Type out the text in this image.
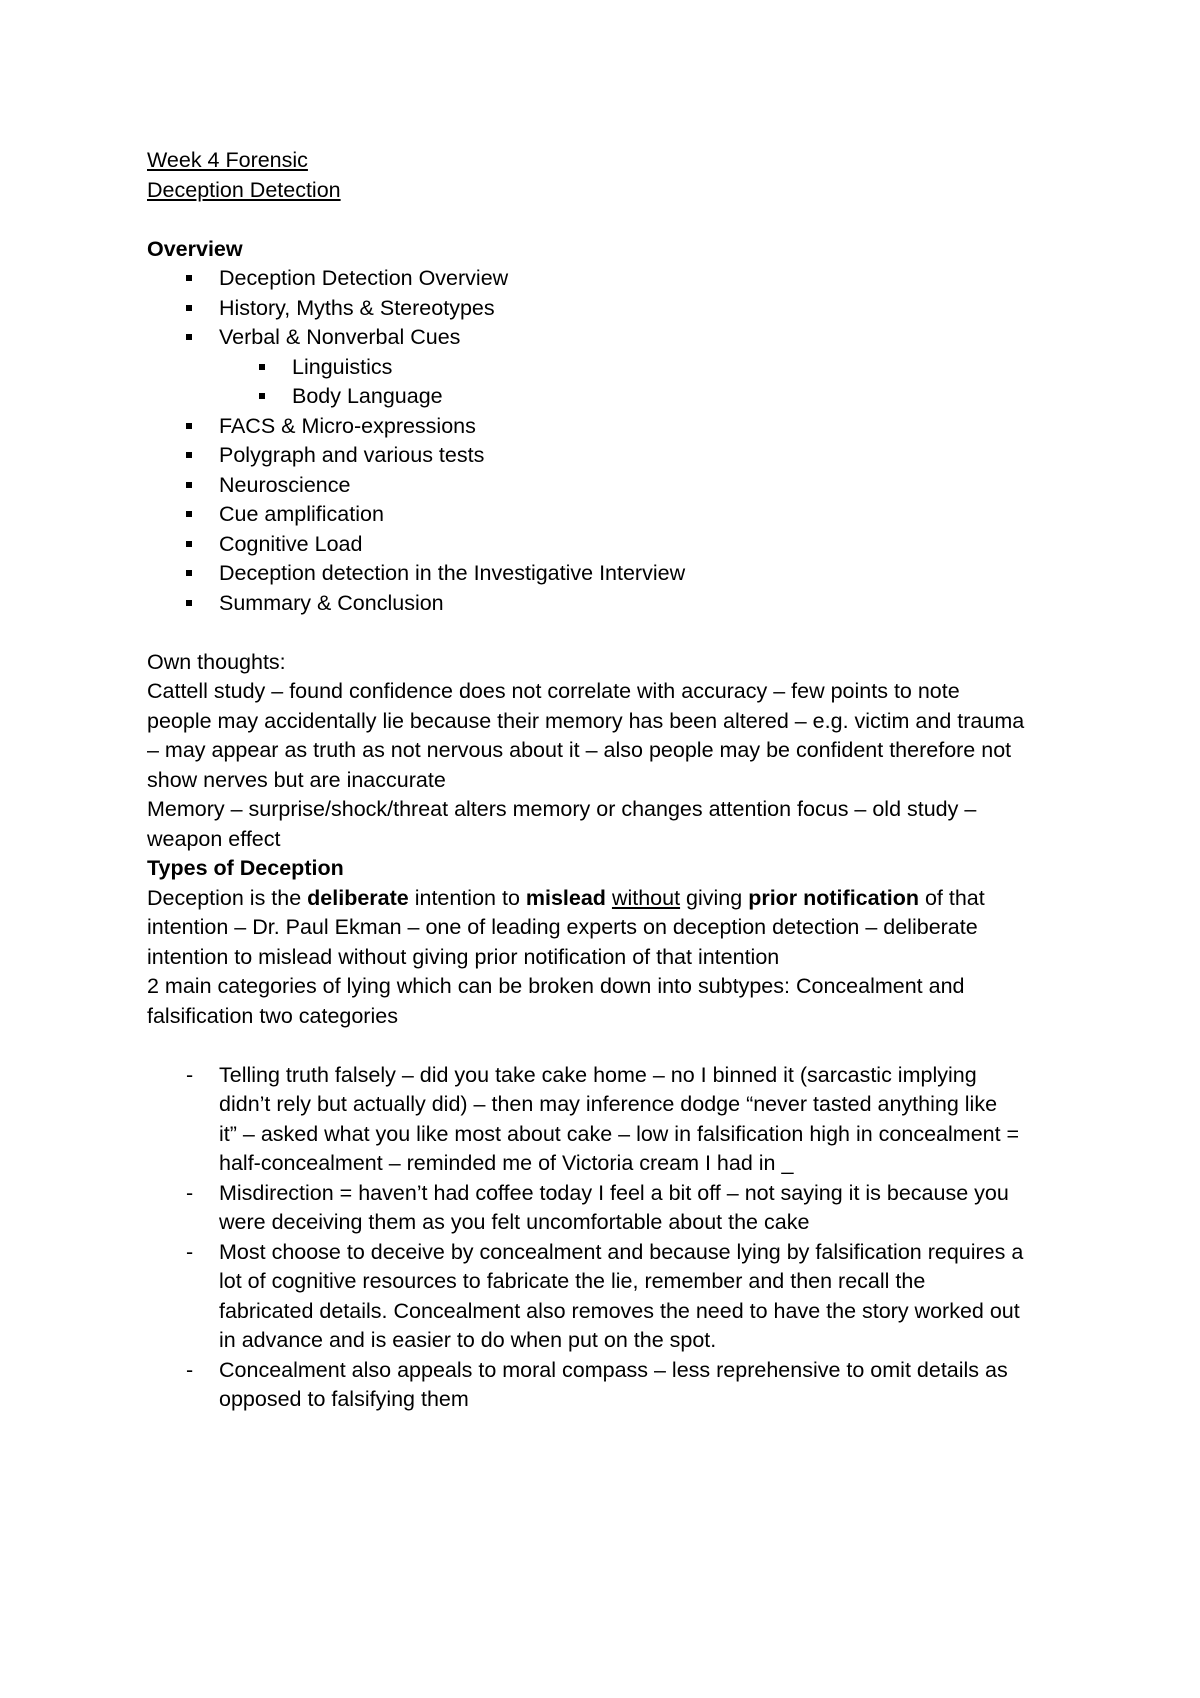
Week 4 Forensic

Deception Detection

Overview

Deception Detection Overview
History, Myths & Stereotypes
Verbal & Nonverbal Cues
Linguistics
Body Language
FACS & Micro-expressions
Polygraph and various tests
Neuroscience
Cue amplification
Cognitive Load
Deception detection in the Investigative Interview
Summary & Conclusion

Own thoughts:

Cattell study – found confidence does not correlate with accuracy – few points to note

people may accidentally lie because their memory has been altered – e.g. victim and trauma

– may appear as truth as not nervous about it – also people may be confident therefore not

show nerves but are inaccurate

Memory – surprise/shock/threat alters memory or changes attention focus – old study –

weapon effect

Types of Deception

Deception is the deliberate intention to mislead without giving prior notification of that

intention – Dr. Paul Ekman – one of leading experts on deception detection – deliberate

intention to mislead without giving prior notification of that intention

2 main categories of lying which can be broken down into subtypes: Concealment and

falsification two categories

- Telling truth falsely – did you take cake home – no I binned it (sarcastic implying

didn’t rely but actually did) – then may inference dodge “never tasted anything like

it” – asked what you like most about cake – low in falsification high in concealment =

half-concealment – reminded me of Victoria cream I had in _

- Misdirection = haven’t had coffee today I feel a bit off – not saying it is because you

were deceiving them as you felt uncomfortable about the cake

- Most choose to deceive by concealment and because lying by falsification requires a

lot of cognitive resources to fabricate the lie, remember and then recall the

fabricated details. Concealment also removes the need to have the story worked out

in advance and is easier to do when put on the spot.

- Concealment also appeals to moral compass – less reprehensive to omit details as

opposed to falsifying them
